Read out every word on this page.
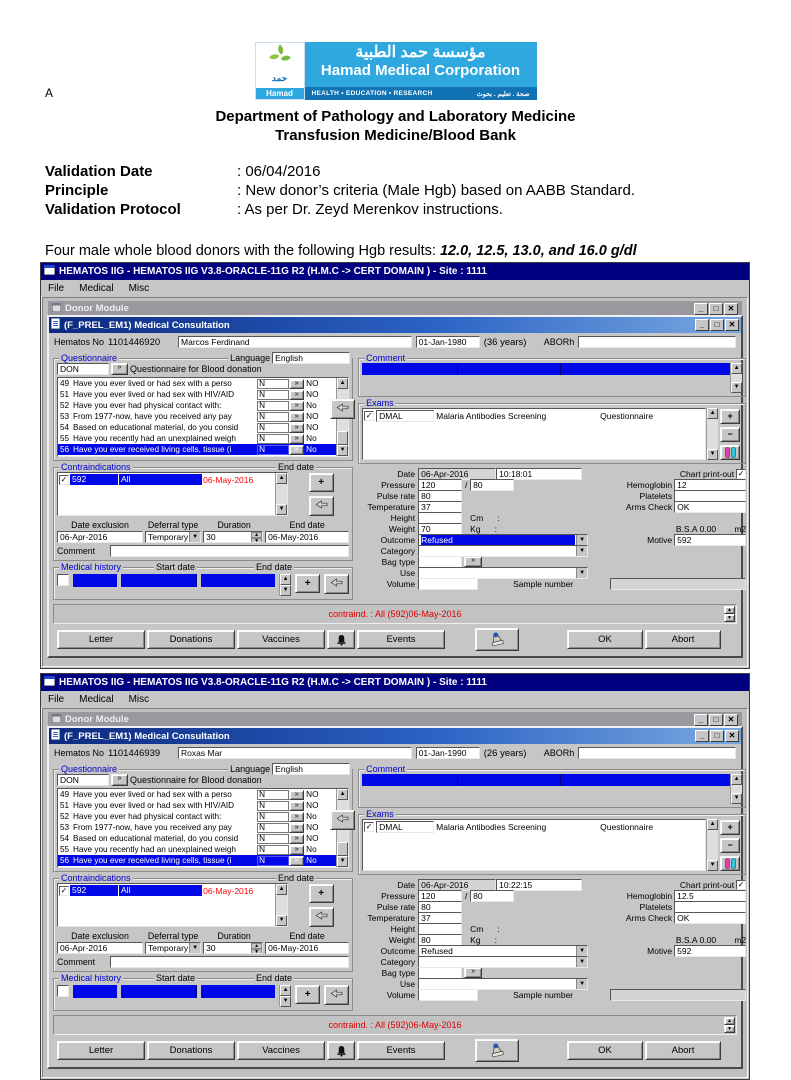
A
حمد
Hamad
مؤسسة حمد الطبية
Hamad Medical Corporation
HEALTH • EDUCATION • RESEARCH	صحة . تعليم . بحوث
Department of Pathology and Laboratory Medicine
Transfusion Medicine/Blood Bank
Validation Date	: 06/04/2016
Principle	: New donor’s criteria (Male Hgb) based on AABB Standard.
Validation Protocol	: As per Dr. Zeyd Merenkov instructions.
Four male whole blood donors with the following Hgb results: 12.0, 12.5, 13.0, and 16.0 g/dl
HEMATOS IIG - HEMATOS IIG V3.8-ORACLE-11G R2 (H.M.C -> CERT DOMAIN ) - Site : 1111
File Medical Misc
Donor Module	_	□	✕
(F_PREL_EM1) Medical Consultation	_	□	✕
Hematos No 1101446920	Marcos Ferdinand	01-Jan-1980	(36 years)	ABORh
Questionnaire	Language English
DON	» Questionnaire for Blood donation
49 Have you ever lived or had sex with a perso	N	» NO
51 Have you ever lived or had sex with HIV/AID	N	» NO
52 Have you ever had physical contact with:	N	» No
53 From 1977-now, have you received any pay	N	» NO
54 Based on educational material, do you consid	N	» NO
55 Have you recently had an unexplained weigh	N	» No
56 Have you ever received living cells, tissue (i	N	» No
▲
▼
Contraindications	End date
✓ 592	All	06-May-2016	▲
▼
+
Date exclusion	Deferral type	Duration	End date
06-Apr-2016	Temporary ▼ 30	▲
▼	06-May-2016
Comment
Medical history	Start date	End date
▲
▼
+
Comment
▲
▼
Exams
✓ DMAL	Malaria Antibodies Screening	Questionnaire	▲
▼
+
−
Date 06-Apr-2016	10:18:01	Chart print-out ✓
Pressure 120	/ 80	Hemoglobin 12
Pulse rate 80	Platelets
Temperature 37	Arms Check OK
Height	Cm :
Weight 70	Kg :	B.S.A 0.00	m2
Outcome Refused	▼	Motive 592
Category	▼
Bag type	»
Use	▼
Volume	Sample number
contraind. : All (592)06-May-2016	▲
▼
Letter	Donations	Vaccines	Events	OK	Abort
HEMATOS IIG - HEMATOS IIG V3.8-ORACLE-11G R2 (H.M.C -> CERT DOMAIN ) - Site : 1111
File Medical Misc
Donor Module	_	□	✕
(F_PREL_EM1) Medical Consultation	_	□	✕
Hematos No 1101446939	Roxas Mar	01-Jan-1990	(26 years)	ABORh
Questionnaire	Language English
DON	» Questionnaire for Blood donation
49 Have you ever lived or had sex with a perso	N	» NO
51 Have you ever lived or had sex with HIV/AID	N	» NO
52 Have you ever had physical contact with:	N	» No
53 From 1977-now, have you received any pay	N	» NO
54 Based on educational material, do you consid	N	» NO
55 Have you recently had an unexplained weigh	N	» No
56 Have you ever received living cells, tissue (i	N	» No
▲
▼
Contraindications	End date
✓ 592	All	06-May-2016	▲
▼
+
Date exclusion	Deferral type	Duration	End date
06-Apr-2016	Temporary ▼ 30	▲
▼	06-May-2016
Comment
Medical history	Start date	End date
▲
▼
+
Comment
▲
▼
Exams
✓ DMAL	Malaria Antibodies Screening	Questionnaire	▲
▼
+
−
Date 06-Apr-2016	10:22:15	Chart print-out ✓
Pressure 120	/ 80	Hemoglobin 12.5
Pulse rate 80	Platelets
Temperature 37	Arms Check OK
Height	Cm :
Weight 80	Kg :	B.S.A 0.00	m2
Outcome Refused	▼	Motive 592
Category	▼
Bag type	»
Use	▼
Volume	Sample number
contraind. : All (592)06-May-2016	▲
▼
Letter	Donations	Vaccines	Events	OK	Abort
